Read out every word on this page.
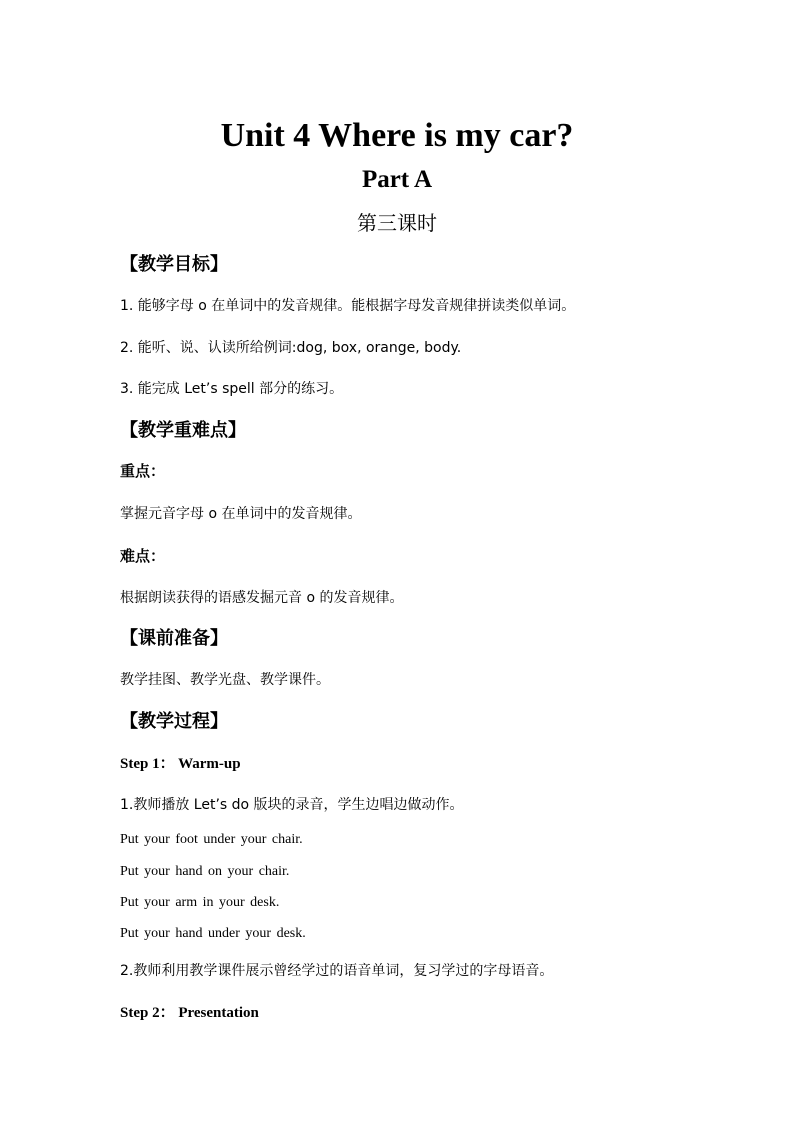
Unit 4 Where is my car?
Part A
第三课时
【教学目标】
1. 能够字母 o 在单词中的发音规律。能根据字母发音规律拼读类似单词。
2. 能听、说、认读所给例词:dog, box, orange, body.
3. 能完成 Let’s spell 部分的练习。
【教学重难点】
重点：
掌握元音字母 o 在单词中的发音规律。
难点：
根据朗读获得的语感发掘元音 o 的发音规律。
【课前准备】
教学挂图、教学光盘、教学课件。
【教学过程】
Step 1： Warm-up
1.教师播放 Let’s do 版块的录音，学生边唱边做动作。
Put your foot under your chair.
Put your hand on your chair.
Put your arm in your desk.
Put your hand under your desk.
2.教师利用教学课件展示曾经学过的语音单词，复习学过的字母语音。
Step 2： Presentation
